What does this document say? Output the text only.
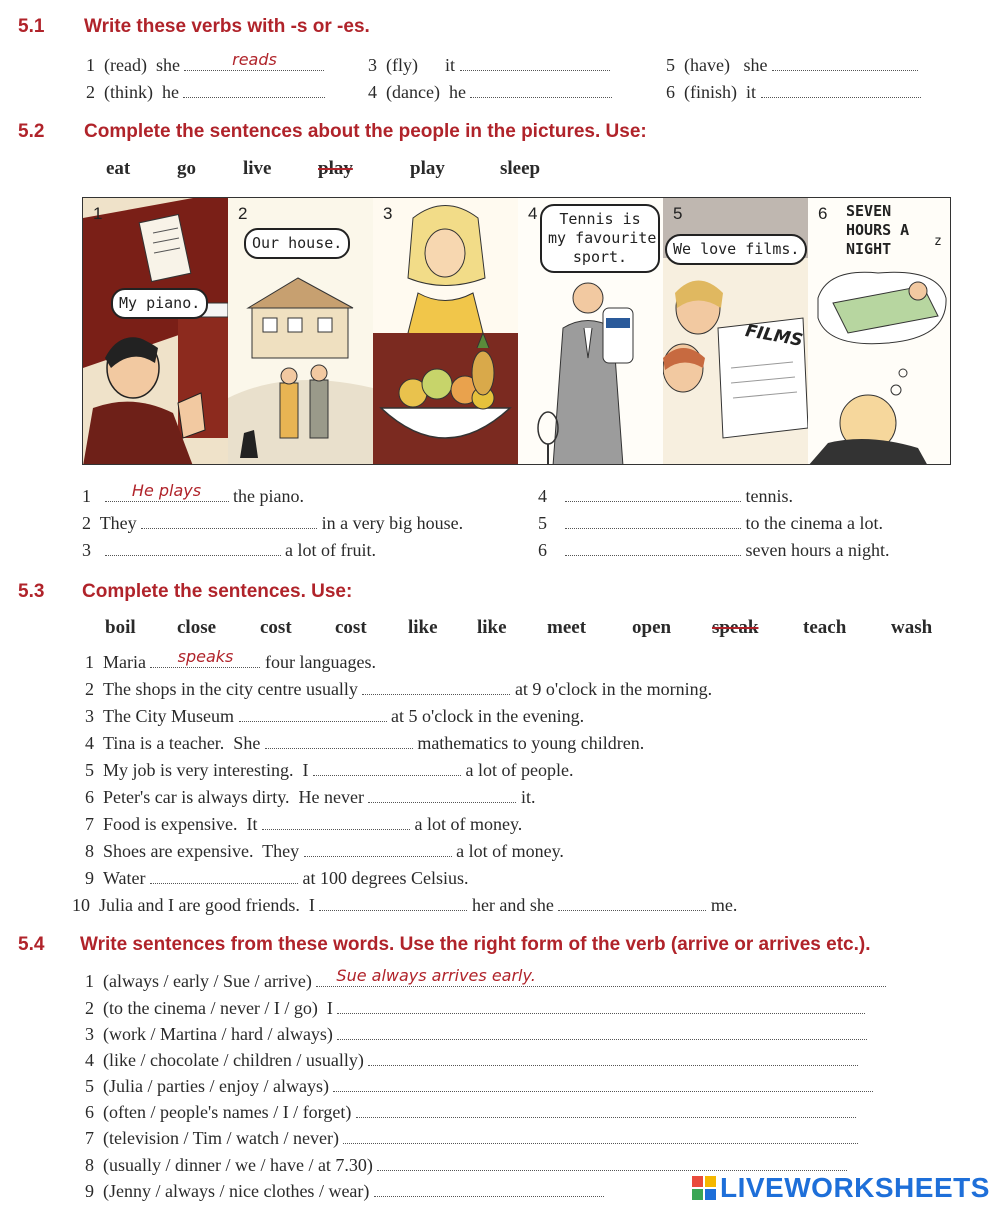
5.1 Write these verbs with -s or -es.
1  (read)  she	reads
2  (think)  he
3  (fly)      it
4  (dance)  he
5  (have)   she
6  (finish)  it
5.2 Complete the sentences about the people in the pictures. Use:
eat go live play	play	sleep
1
My piano.
2
Our house.
3	4	Tennis is
my favourite
sport.
5
We love films.
FILMS
6 SEVEN
HOURS A
NIGHT	z
1	He plays	the piano.
2 They	in a very big house.
3	a lot of fruit.
4	tennis.
5	to the cinema a lot.
6	seven hours a night.
5.3 Complete the sentences. Use:
boil close cost cost like like meet open speak teach wash
1 Maria	speaks	four languages.
2 The shops in the city centre usually	at 9 o'clock in the morning.
3 The City Museum	at 5 o'clock in the evening.
4 Tina is a teacher.  She	mathematics to young children.
5 My job is very interesting.  I	a lot of people.
6 Peter's car is always dirty.  He never	it.
7 Food is expensive.  It	a lot of money.
8 Shoes are expensive.  They	a lot of money.
9 Water	at 100 degrees Celsius.
10 Julia and I are good friends.  I	her and she	me.
5.4 Write sentences from these words. Use the right form of the verb (arrive or arrives etc.).
1 (always / early / Sue / arrive)	Sue always arrives early.
2 (to the cinema / never / I / go)  I
3 (work / Martina / hard / always)
4 (like / chocolate / children / usually)
5 (Julia / parties / enjoy / always)
6 (often / people's names / I / forget)
7 (television / Tim / watch / never)
8 (usually / dinner / we / have / at 7.30)
9 (Jenny / always / nice clothes / wear)	LIVEWORKSHEETS
